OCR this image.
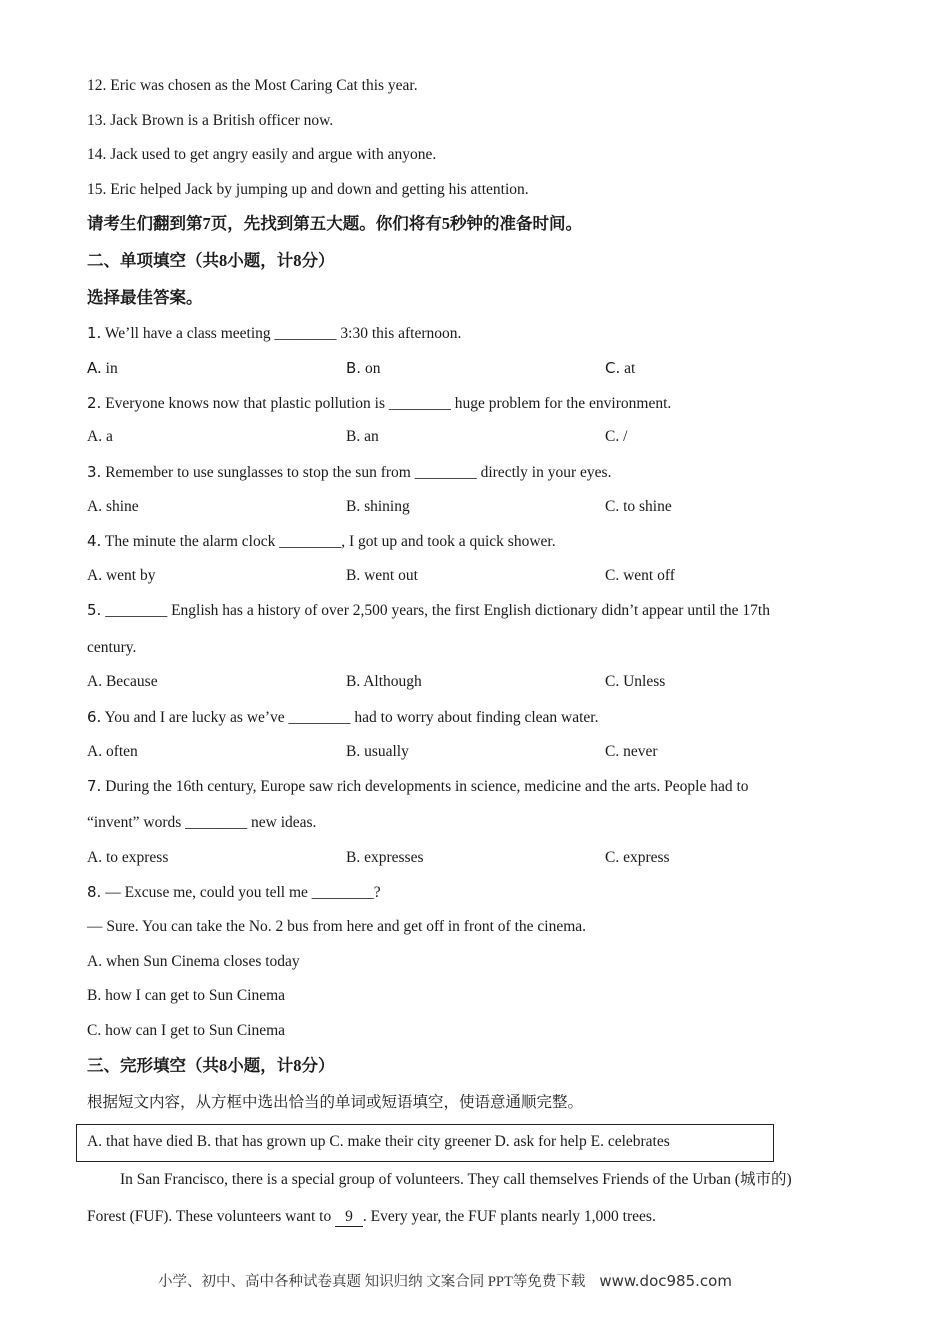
12. Eric was chosen as the Most Caring Cat this year.
13. Jack Brown is a British officer now.
14. Jack used to get angry easily and argue with anyone.
15. Eric helped Jack by jumping up and down and getting his attention.
请考生们翻到第7页，先找到第五大题。你们将有5秒钟的准备时间。
二、单项填空（共8小题，计8分）
选择最佳答案。
1. We’ll have a class meeting ________ 3:30 this afternoon.
A. in	B. on	C. at
2. Everyone knows now that plastic pollution is ________ huge problem for the environment.
A. a	B. an	C. /
3. Remember to use sunglasses to stop the sun from ________ directly in your eyes.
A. shine	B. shining	C. to shine
4. The minute the alarm clock ________, I got up and took a quick shower.
A. went by	B. went out	C. went off
5. ________ English has a history of over 2,500 years, the first English dictionary didn’t appear until the 17th
century.
A. Because	B. Although	C. Unless
6. You and I are lucky as we’ve ________ had to worry about finding clean water.
A. often	B. usually	C. never
7. During the 16th century, Europe saw rich developments in science, medicine and the arts. People had to
“invent” words ________ new ideas.
A. to express	B. expresses	C. express
8. — Excuse me, could you tell me ________?
— Sure. You can take the No. 2 bus from here and get off in front of the cinema.
A. when Sun Cinema closes today
B. how I can get to Sun Cinema
C. how can I get to Sun Cinema
三、完形填空（共8小题，计8分）
根据短文内容，从方框中选出恰当的单词或短语填空，使语意通顺完整。
A. that have died B. that has grown up C. make their city greener D. ask for help E. celebrates
In San Francisco, there is a special group of volunteers. They call themselves Friends of the Urban (城市的)
Forest (FUF). These volunteers want to 9 . Every year, the FUF plants nearly 1,000 trees.
小学、初中、高中各种试卷真题 知识归纳 文案合同 PPT等免费下载 www.doc985.com
